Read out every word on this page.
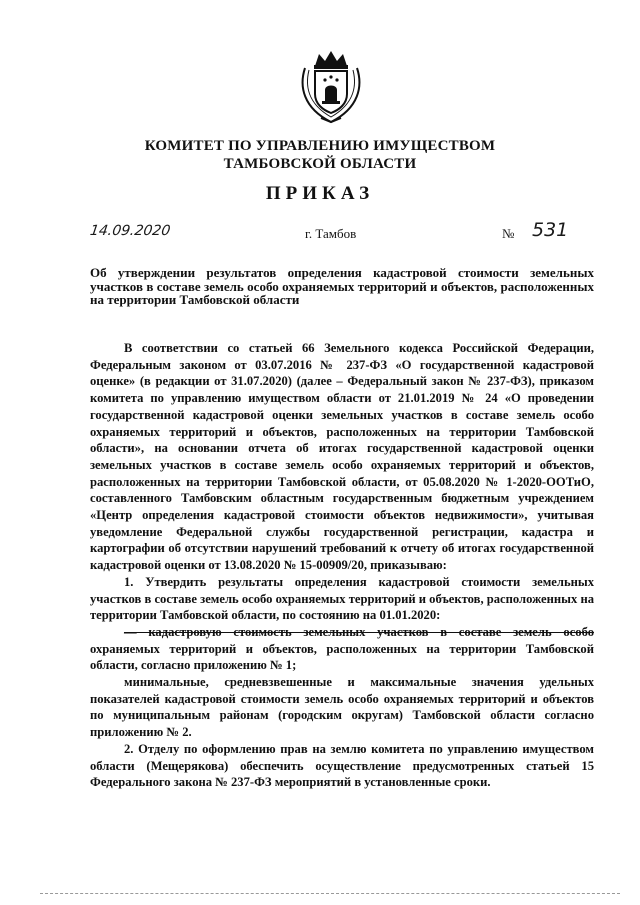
КОМИТЕТ ПО УПРАВЛЕНИЮ ИМУЩЕСТВОМ
ТАМБОВСКОЙ ОБЛАСТИ
ПРИКАЗ
14.09.2020	г. Тамбов	№ 531
Об утверждении результатов определения кадастровой стоимости земельных участков в составе земель особо охраняемых территорий и объектов, расположенных на территории Тамбовской области

В соответствии со статьей 66 Земельного кодекса Российской Федерации, Федеральным законом от 03.07.2016 № 237-ФЗ «О государственной кадастровой оценке» (в редакции от 31.07.2020) (далее – Федеральный закон № 237-ФЗ), приказом комитета по управлению имуществом области от 21.01.2019 № 24 «О проведении государственной кадастровой оценки земельных участков в составе земель особо охраняемых территорий и объектов, расположенных на территории Тамбовской области», на основании отчета об итогах государственной кадастровой оценки земельных участков в составе земель особо охраняемых территорий и объектов, расположенных на территории Тамбовской области, от 05.08.2020 № 1-2020-ООТиО, составленного Тамбовским областным государственным бюджетным учреждением «Центр определения кадастровой стоимости объектов недвижимости», учитывая уведомление Федеральной службы государственной регистрации, кадастра и картографии об отсутствии нарушений требований к отчету об итогах государственной кадастровой оценки от 13.08.2020 № 15-00909/20, приказываю:

1. Утвердить результаты определения кадастровой стоимости земельных участков в составе земель особо охраняемых территорий и объектов, расположенных на территории Тамбовской области, по состоянию на 01.01.2020:

— кадастровую стоимость земельных участков в составе земель особо охраняемых территорий и объектов, расположенных на территории Тамбовской области, согласно приложению № 1;

минимальные, средневзвешенные и максимальные значения удельных показателей кадастровой стоимости земель особо охраняемых территорий и объектов по муниципальным районам (городским округам) Тамбовской области согласно приложению № 2.

2. Отделу по оформлению прав на землю комитета по управлению имуществом области (Мещерякова) обеспечить осуществление предусмотренных статьей 15 Федерального закона № 237-ФЗ мероприятий в установленные сроки.
